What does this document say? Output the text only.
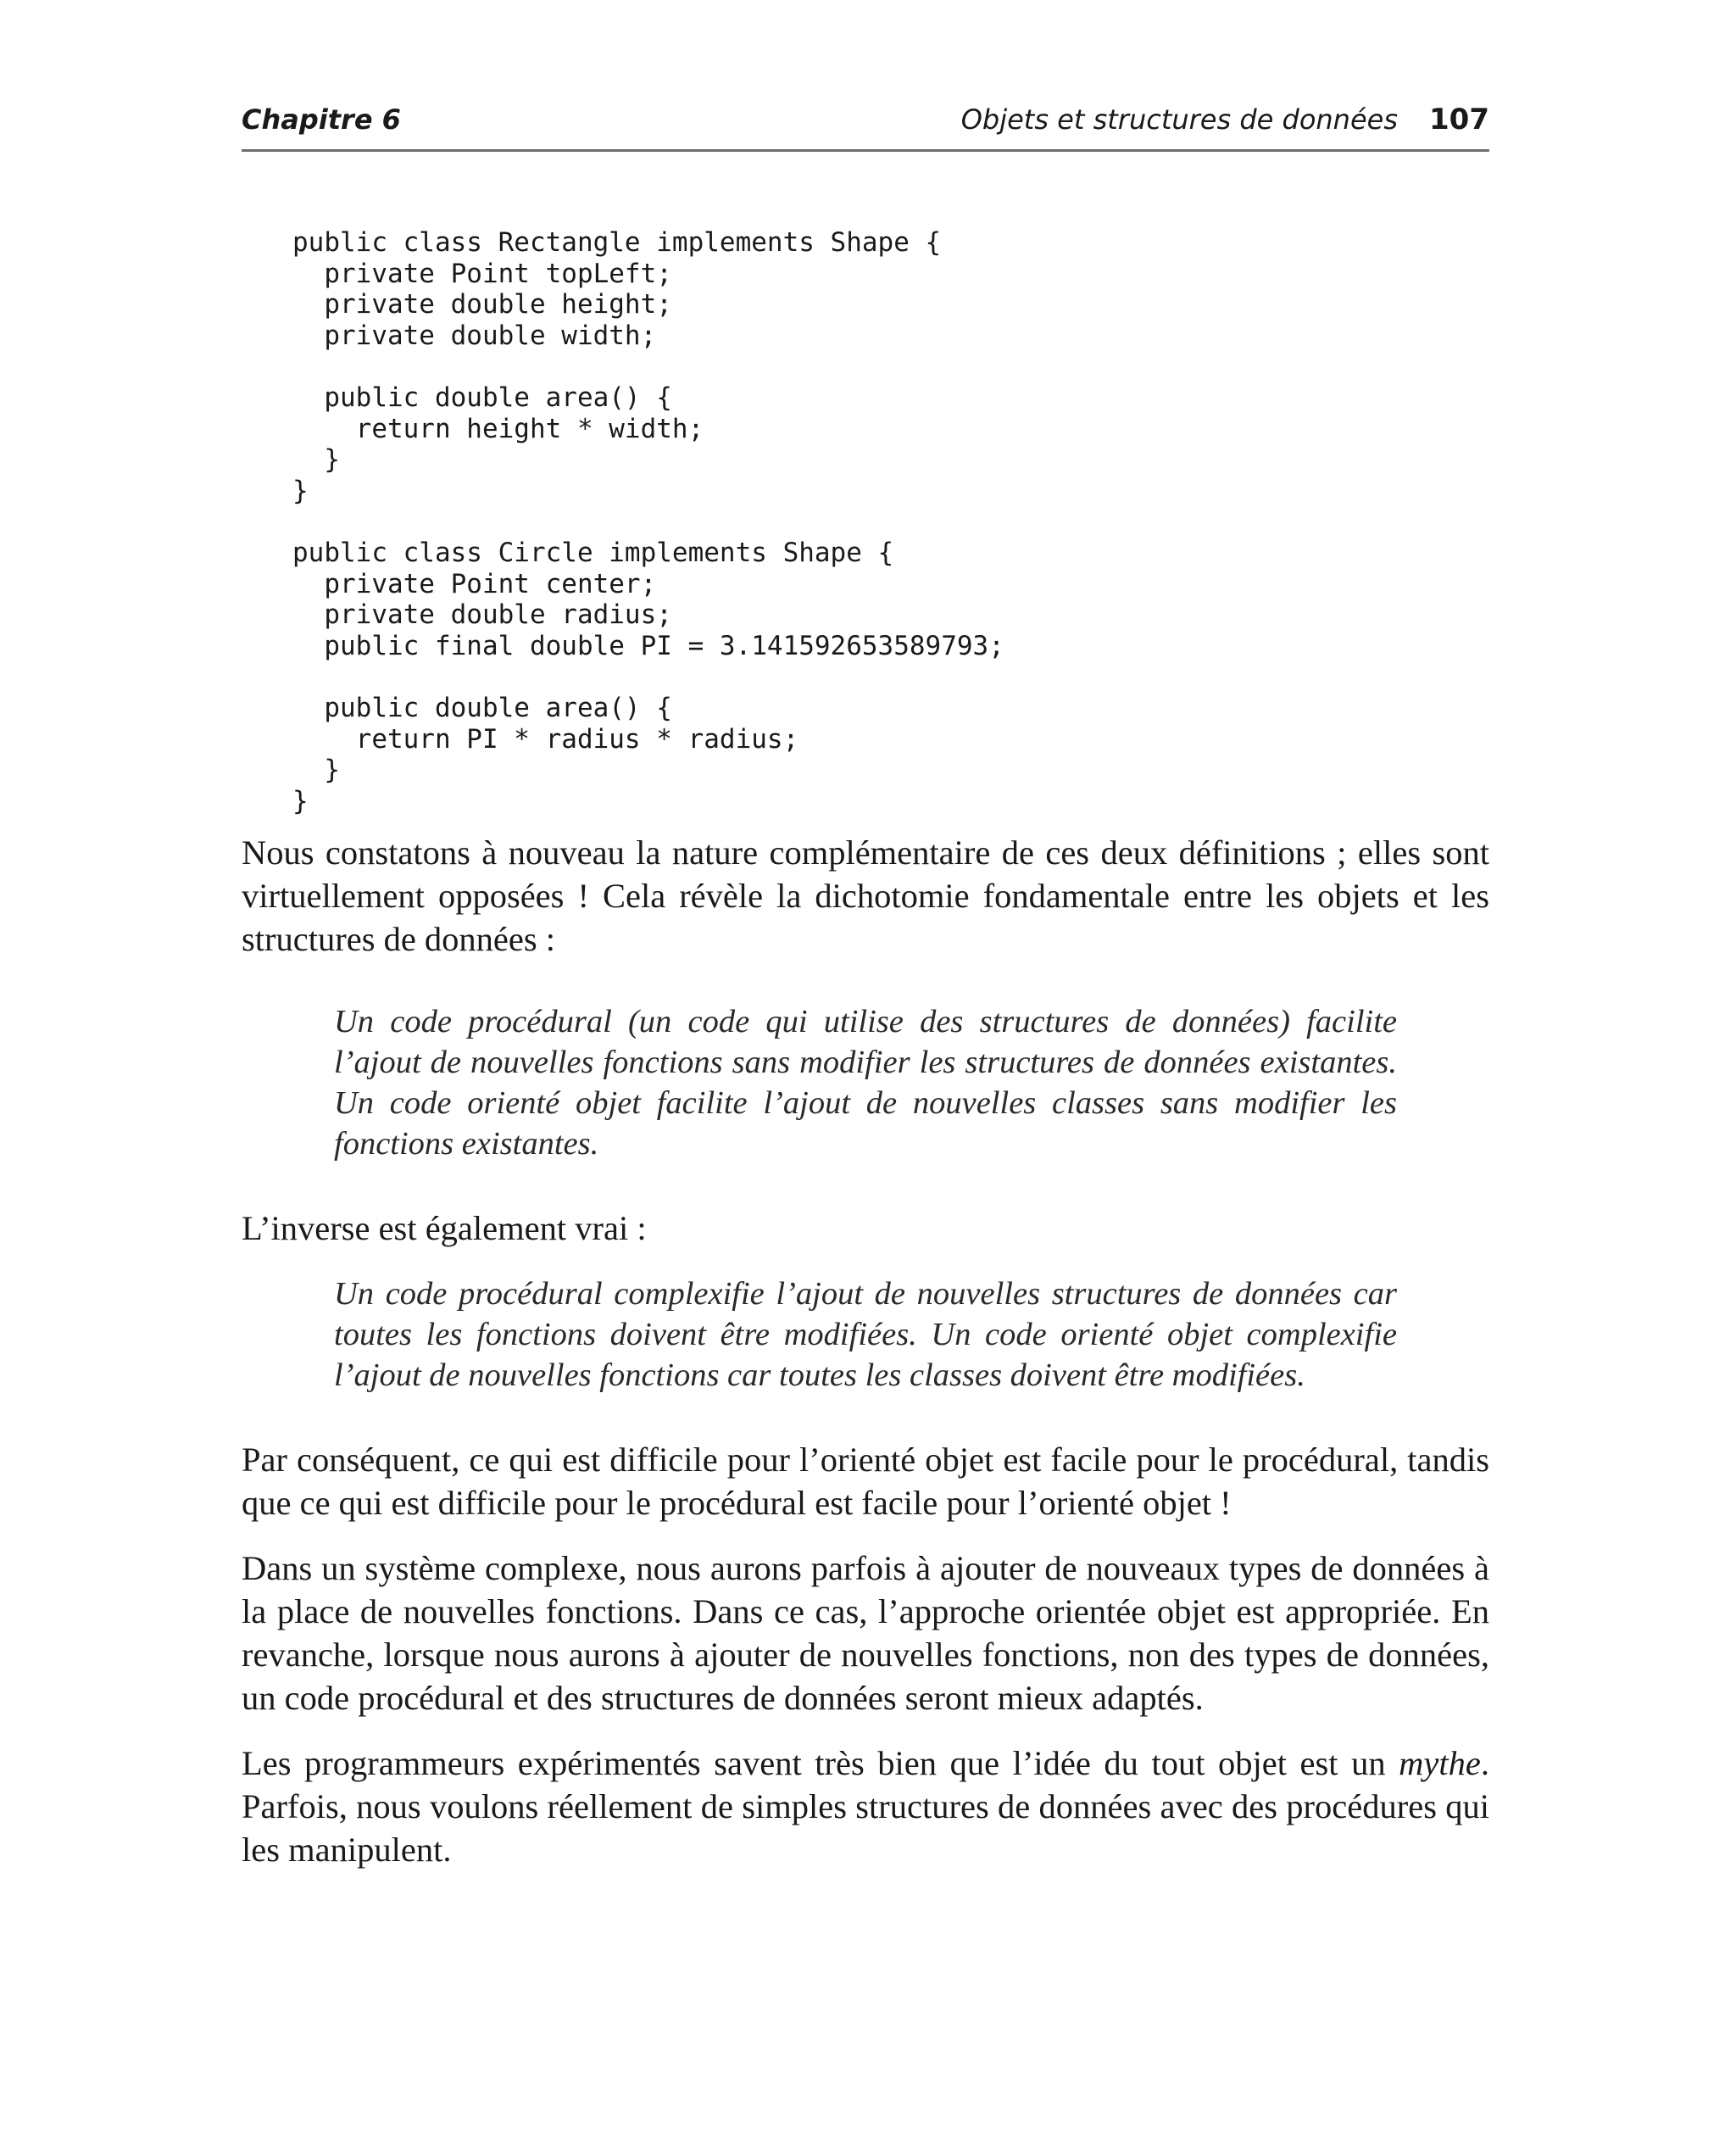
Chapitre 6	Objets et structures de données 107
public class Rectangle implements Shape {
private Point topLeft;
private double height;
private double width;

public double area() {
return height * width;
}
}

public class Circle implements Shape {
private Point center;
private double radius;
public final double PI = 3.141592653589793;

public double area() {
return PI * radius * radius;
}
}

Nous constatons à nouveau la nature complémentaire de ces deux définitions ; elles sont virtuellement opposées ! Cela révèle la dichotomie fondamentale entre les objets et les structures de données :

Un code procédural (un code qui utilise des structures de données) facilite l’ajout de nouvelles fonctions sans modifier les structures de données existantes. Un code orienté objet facilite l’ajout de nouvelles classes sans modifier les fonctions existantes.

L’inverse est également vrai :

Un code procédural complexifie l’ajout de nouvelles structures de données car toutes les fonctions doivent être modifiées. Un code orienté objet complexifie l’ajout de nouvelles fonctions car toutes les classes doivent être modifiées.

Par conséquent, ce qui est difficile pour l’orienté objet est facile pour le procédural, tandis que ce qui est difficile pour le procédural est facile pour l’orienté objet !

Dans un système complexe, nous aurons parfois à ajouter de nouveaux types de données à la place de nouvelles fonctions. Dans ce cas, l’approche orientée objet est appropriée. En revanche, lorsque nous aurons à ajouter de nouvelles fonctions, non des types de données, un code procédural et des structures de données seront mieux adaptés.

Les programmeurs expérimentés savent très bien que l’idée du tout objet est un mythe. Parfois, nous voulons réellement de simples structures de données avec des procédures qui les manipulent.
